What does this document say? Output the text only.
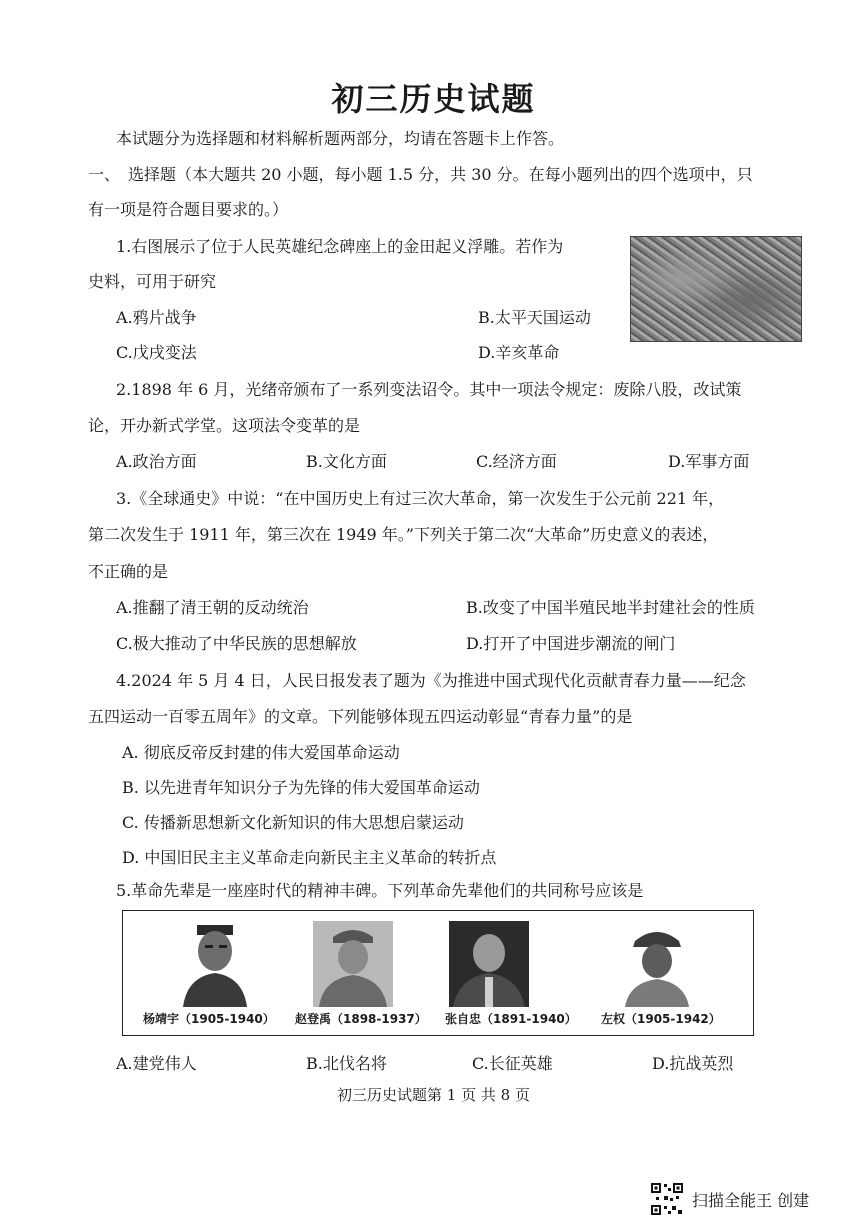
初三历史试题
本试题分为选择题和材料解析题两部分，均请在答题卡上作答。
一、　选择题（本大题共 20 小题，每小题 1.5 分，共 30 分。在每小题列出的四个选项中，只
有一项是符合题目要求的。）
1.右图展示了位于人民英雄纪念碑座上的金田起义浮雕。若作为
史料，可用于研究
A.鸦片战争	B.太平天国运动
C.戊戌变法	D.辛亥革命
2.1898 年 6 月，光绪帝颁布了一系列变法诏令。其中一项法令规定：废除八股，改试策
论，开办新式学堂。这项法令变革的是
A.政治方面	B.文化方面	C.经济方面	D.军事方面
3.《全球通史》中说：“在中国历史上有过三次大革命，第一次发生于公元前 221 年，
第二次发生于 1911 年，第三次在 1949 年。”下列关于第二次“大革命”历史意义的表述，
不正确的是
A.推翻了清王朝的反动统治	B.改变了中国半殖民地半封建社会的性质
C.极大推动了中华民族的思想解放	D.打开了中国进步潮流的闸门
4.2024 年 5 月 4 日，人民日报发表了题为《为推进中国式现代化贡献青春力量——纪念
五四运动一百零五周年》的文章。下列能够体现五四运动彰显“青春力量”的是
A. 彻底反帝反封建的伟大爱国革命运动
B. 以先进青年知识分子为先锋的伟大爱国革命运动
C. 传播新思想新文化新知识的伟大思想启蒙运动
D. 中国旧民主主义革命走向新民主主义革命的转折点
5.革命先辈是一座座时代的精神丰碑。下列革命先辈他们的共同称号应该是
杨靖宇（1905-1940） 赵登禹（1898-1937） 张自忠（1891-1940） 左权（1905-1942）
A.建党伟人	B.北伐名将	C.长征英雄	D.抗战英烈
初三历史试题第 1 页 共 8 页
扫描全能王 创建
